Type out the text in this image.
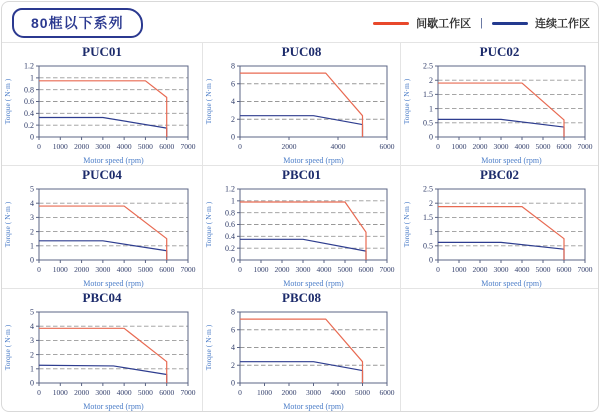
80框以下系列	间歇工作区 |	连续工作区
PUC01
0
0.2
0.4
0.6
0.8
1
1.2
0 1000 2000 3000 4000 5000 6000 7000
Motor speed (rpm)
Torque ( N·m )
PUC08
0
2
4
6
8
0	2000	4000	6000
Motor speed (rpm)
Torque ( N·m )
PUC02
0
0.5
1
1.5
2
2.5
0 1000 2000 3000 4000 5000 6000 7000
Motor speed (rpm)
Torque ( N·m )
PUC04
0
1
2
3
4
5
0 1000 2000 3000 4000 5000 6000 7000
Motor speed (rpm)
Torque ( N·m )
PBC01
0
0.2
0.4
0.6
0.8
1
1.2
0 1000 2000 3000 4000 5000 6000 7000
Motor speed (rpm)
Torque ( N·m )
PBC02
0
0.5
1
1.5
2
2.5
0 1000 2000 3000 4000 5000 6000 7000
Motor speed (rpm)
Torque ( N·m )
PBC04
0
1
2
3
4
5
0 1000 2000 3000 4000 5000 6000 7000
Motor speed (rpm)
Torque ( N·m )
PBC08
0
2
4
6
8
0 1000 2000 3000 4000 5000 6000
Motor speed (rpm)
Torque ( N·m )
